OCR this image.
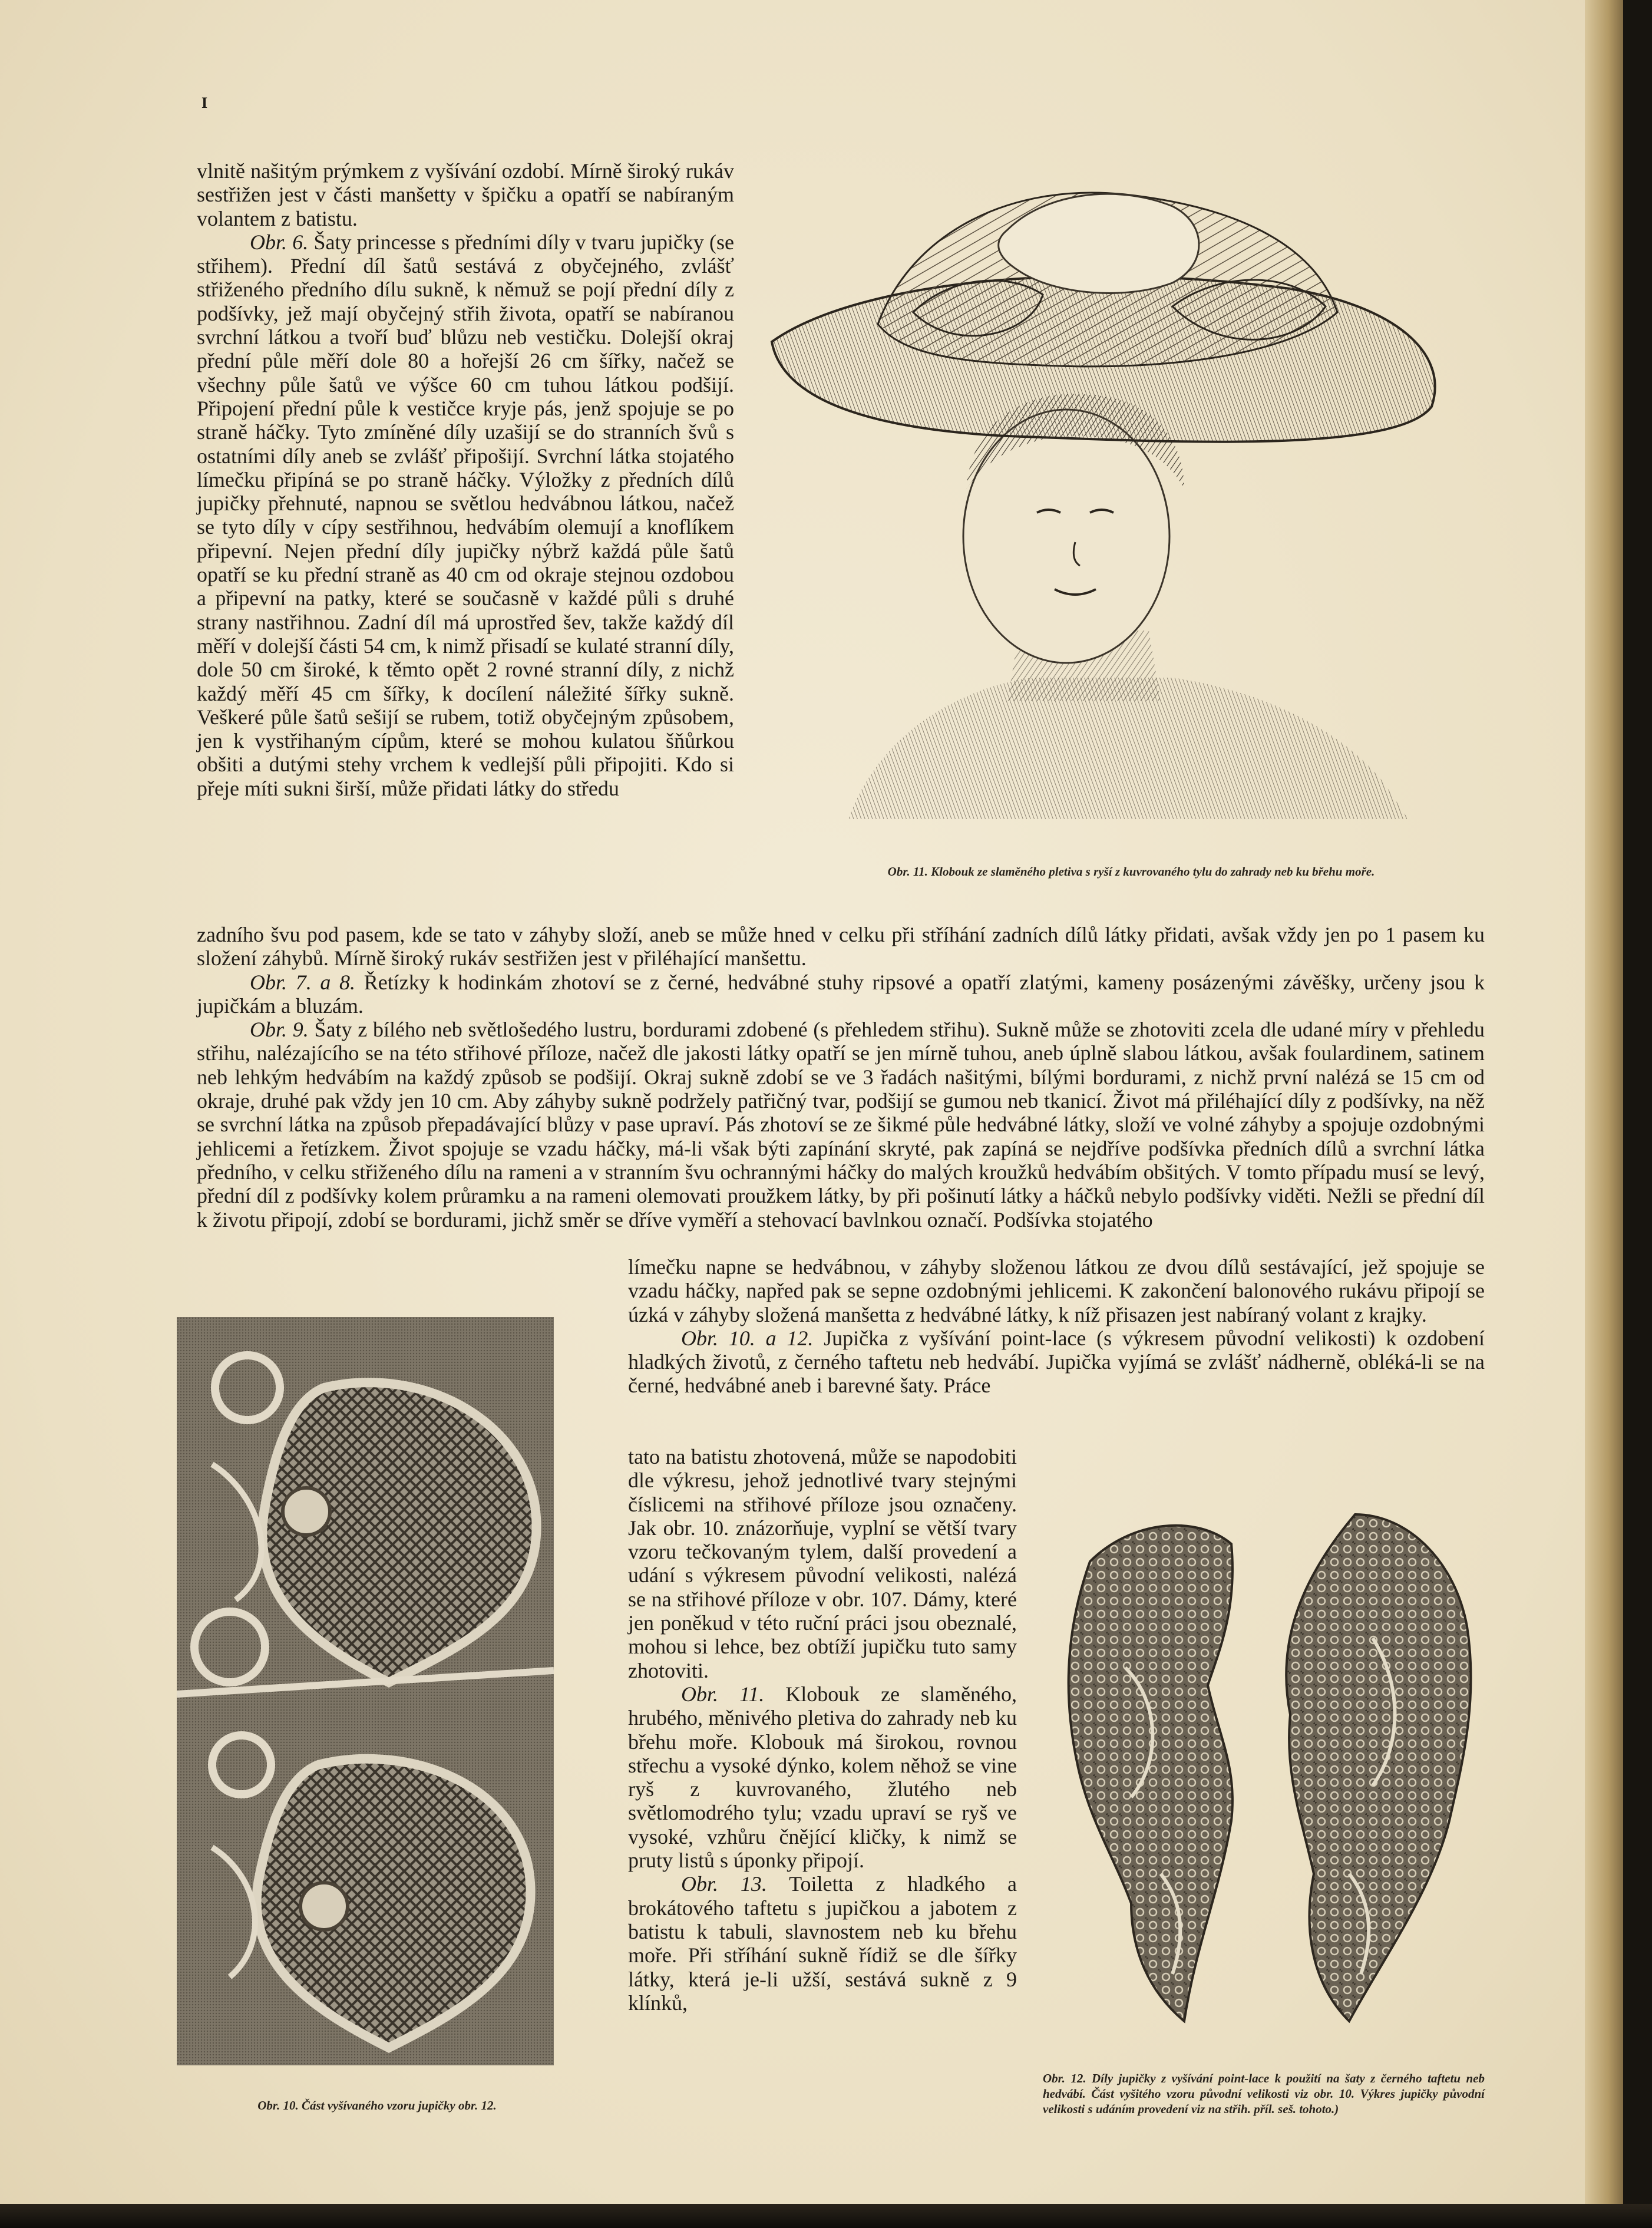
I

vlnitě našitým prýmkem z vyšívání ozdobí. Mírně široký rukáv sestřižen jest v části manšetty v špičku a opatří se nabíraným volantem z batistu.

Obr. 6. Šaty princesse s předními díly v tvaru jupičky (se střihem). Přední díl šatů sestává z obyčejného, zvlášť střiženého předního dílu sukně, k němuž se pojí přední díly z podšívky, jež mají obyčejný střih života, opatří se nabíranou svrchní látkou a tvoří buď blůzu neb vestičku. Dolejší okraj přední půle měří dole 80 a hořejší 26 cm šířky, načež se všechny půle šatů ve výšce 60 cm tuhou látkou podšijí. Připojení přední půle k vestičce kryje pás, jenž spojuje se po straně háčky. Tyto zmíněné díly uzašijí se do stranních švů s ostatními díly aneb se zvlášť připošijí. Svrchní látka stojatého límečku připíná se po straně háčky. Výložky z předních dílů jupičky přehnuté, napnou se světlou hedvábnou látkou, načež se tyto díly v cípy sestřihnou, hedvábím olemují a knoflíkem připevní. Nejen přední díly jupičky nýbrž každá půle šatů opatří se ku přední straně as 40 cm od okraje stejnou ozdobou a připevní na patky, které se současně v každé půli s druhé strany nastřihnou. Zadní díl má uprostřed šev, takže každý díl měří v dolejší části 54 cm, k nimž přisadí se kulaté stranní díly, dole 50 cm široké, k těmto opět 2 rovné stranní díly, z nichž každý měří 45 cm šířky, k docílení náležité šířky sukně. Veškeré půle šatů sešijí se rubem, totiž obyčejným způsobem, jen k vystřihaným cípům, které se mohou kulatou šňůrkou obšiti a dutými stehy vrchem k vedlejší půli připojiti. Kdo si přeje míti sukni širší, může přidati látky do středu

Obr. 11. Klobouk ze slaměného pletiva s ryší z kuvrovaného tylu do zahrady neb ku břehu moře.

zadního švu pod pasem, kde se tato v záhyby složí, aneb se může hned v celku při stříhání zadních dílů látky přidati, avšak vždy jen po 1 pasem ku složení záhybů. Mírně široký rukáv sestřižen jest v přiléhající manšettu.

Obr. 7. a 8. Řetízky k hodinkám zhotoví se z černé, hedvábné stuhy ripsové a opatří zlatými, kameny posázenými závěšky, určeny jsou k jupičkám a bluzám.

Obr. 9. Šaty z bílého neb světlošedého lustru, bordurami zdobené (s přehledem střihu). Sukně může se zhotoviti zcela dle udané míry v přehledu střihu, nalézajícího se na této střihové příloze, načež dle jakosti látky opatří se jen mírně tuhou, aneb úplně slabou látkou, avšak foulardinem, satinem neb lehkým hedvábím na každý způsob se podšijí. Okraj sukně zdobí se ve 3 řadách našitými, bílými bordurami, z nichž první nalézá se 15 cm od okraje, druhé pak vždy jen 10 cm. Aby záhyby sukně podržely patřičný tvar, podšijí se gumou neb tkanicí. Život má přiléhající díly z podšívky, na něž se svrchní látka na způsob přepadávající blůzy v pase upraví. Pás zhotoví se ze šikmé půle hedvábné látky, složí ve volné záhyby a spojuje ozdobnými jehlicemi a řetízkem. Život spojuje se vzadu háčky, má-li však býti zapínání skryté, pak zapíná se nejdříve podšívka předních dílů a svrchní látka předního, v celku střiženého dílu na rameni a v stranním švu ochrannými háčky do malých kroužků hedvábím obšitých. V tomto případu musí se levý, přední díl z podšívky kolem průramku a na rameni olemovati proužkem látky, by při pošinutí látky a háčků nebylo podšívky viděti. Nežli se přední díl k životu připojí, zdobí se bordurami, jichž směr se dříve vyměří a stehovací bavlnkou označí. Podšívka stojatého

Obr. 10. Část vyšívaného vzoru jupičky obr. 12.

límečku napne se hedvábnou, v záhyby složenou látkou ze dvou dílů sestávající, jež spojuje se vzadu háčky, napřed pak se sepne ozdobnými jehlicemi. K zakončení balonového rukávu připojí se úzká v záhyby složená manšetta z hedvábné látky, k níž přisazen jest nabíraný volant z krajky.

Obr. 10. a 12. Jupička z vyšívání point-lace (s výkresem původní velikosti) k ozdobení hladkých životů, z černého taftetu neb hedvábí. Jupička vyjímá se zvlášť nádherně, obléká-li se na černé, hedvábné aneb i barevné šaty. Práce

tato na batistu zhotovená, může se napodobiti dle výkresu, jehož jednotlivé tvary stejnými číslicemi na střihové příloze jsou označeny. Jak obr. 10. znázorňuje, vyplní se větší tvary vzoru tečkovaným tylem, další provedení a udání s výkresem původní velikosti, nalézá se na střihové příloze v obr. 107. Dámy, které jen poněkud v této ruční práci jsou obeznalé, mohou si lehce, bez obtíží jupičku tuto samy zhotoviti.

Obr. 11. Klobouk ze slaměného, hrubého, měnivého pletiva do zahrady neb ku břehu moře. Klobouk má širokou, rovnou střechu a vysoké dýnko, kolem něhož se vine ryš z kuvrovaného, žlutého neb světlomodrého tylu; vzadu upraví se ryš ve vysoké, vzhůru čnějící kličky, k nimž se pruty listů s úponky připojí.

Obr. 13. Toiletta z hladkého a brokátového taftetu s jupičkou a jabotem z batistu k tabuli, slavnostem neb ku břehu moře. Při stříhání sukně řídiž se dle šířky látky, která je-li užší, sestává sukně z 9 klínků,

Obr. 12. Díly jupičky z vyšívání point-lace k použití na šaty z černého taftetu neb hedvábí. Část vyšitého vzoru původní velikosti viz obr. 10. Výkres jupičky původní velikosti s udáním provedení viz na střih. příl. seš. tohoto.)
